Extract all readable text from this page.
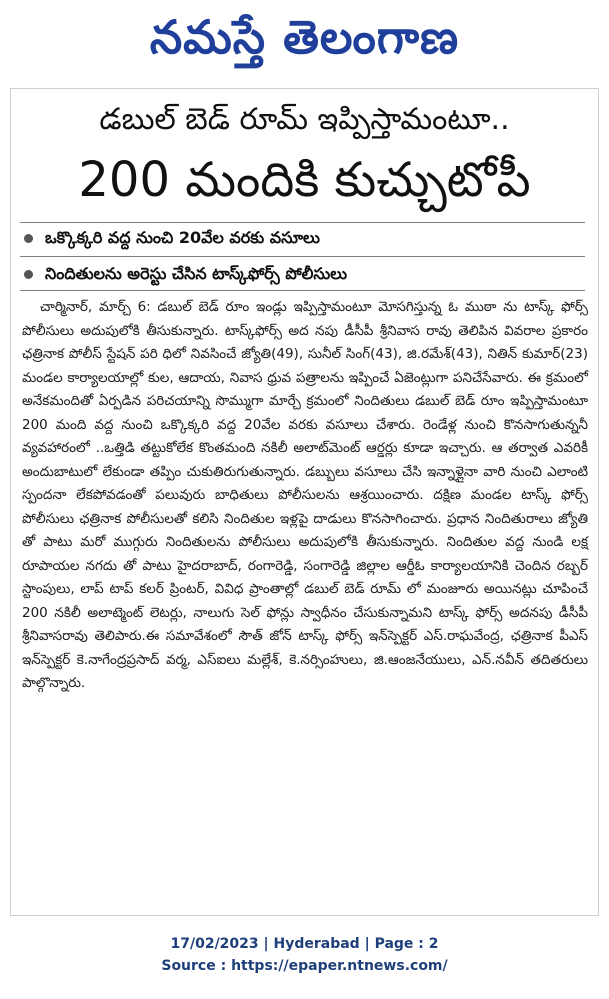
నమస్తే తెలంగాణ
డబుల్ బెడ్ రూమ్ ఇప్పిస్తామంటూ..
200 మందికి కుచ్చుటోపీ
ఒక్కొక్కరి వద్ద నుంచి 20వేల వరకు వసూలు
నిందితులను అరెస్టు చేసిన టాస్క్‌ఫోర్స్ పోలీసులు

చార్మినార్, మార్చ్ 6: డబుల్ బెడ్ రూం ఇండ్లు ఇప్పిస్తామంటూ మోసగిస్తున్న ఓ ముఠా ను టాస్క్ ఫోర్స్ పోలీసులు అదుపులోకి తీసుకున్నారు. టాస్క్‌ఫోర్స్ అద నపు డీసీపీ శ్రీనివాస రావు తెలిపిన వివరాల ప్రకారం ఛత్రినాక పోలీస్ స్టేషన్ పరి ధిలో నివసించే జ్యోతి(49), సునీల్ సింగ్(43), జి.రమేశ్(43), నితిన్ కుమార్(23) మండల కార్యాలయాల్లో కుల, ఆదాయ, నివాస ధ్రువ పత్రాలను ఇప్పించే ఏజెంట్లుగా పనిచేసేవారు. ఈ క్రమంలో అనేకమందితో ఏర్పడిన పరిచయాన్ని సొమ్ముగా మార్చే క్రమంలో నిందితులు డబుల్ బెడ్ రూం ఇప్పిస్తామంటూ 200 మంది వద్ద నుంచి ఒక్కొక్కరి వద్ద 20వేల వరకు వసూలు చేశారు. రెండేళ్ల నుంచి కొనసాగుతున్ననీ వ్యవహారంలో ..ఒత్తిడి తట్టుకోలేక కొంతమంది నకిలీ అలాట్‌మెంట్ ఆర్డర్లు కూడా ఇచ్చారు. ఆ తర్వాత ఎవరికీ అందుబాటులో లేకుండా తప్పిం చుకుతిరుగుతున్నారు. డబ్బులు వసూలు చేసి ఇన్నాళ్లైనా వారి నుంచి ఎలాంటి స్పందనా లేకపోవడంతో పలువురు బాధితులు పోలీసులను ఆశ్రయించారు. దక్షిణ మండల టాస్క్ ఫోర్స్ పోలీసులు ఛత్రినాక పోలీసులతో కలిసి నిందితుల ఇళ్లపై దాడులు కొనసాగించారు. ప్రధాన నిందితురాలు జ్యోతి తో పాటు మరో ముగ్గురు నిందితులను పోలీసులు అదుపులోకి తీసుకున్నారు. నిందితుల వద్ద నుండి లక్ష రూపాయల నగదు తో పాటు హైదరాబాద్, రంగారెడ్డి, సంగారెడ్డి జిల్లాల ఆర్డీఓ కార్యాలయానికి చెందిన రబ్బర్ స్టాంపులు, లాప్ టాప్ కలర్ ప్రింటర్, వివిధ ప్రాంతాల్లో డబుల్ బెడ్ రూమ్ లో మంజూరు అయినట్లు చూపించే 200 నకిలీ అలాట్మెంట్ లెటర్లు, నాలుగు సెల్ ఫోన్లు స్వాధీనం చేసుకున్నామని టాస్క్ ఫోర్స్ అదనపు డీసీపీ శ్రీనివాసరావు తెలిపారు.ఈ సమావేశంలో సౌత్ జోన్ టాస్క్ ఫోర్స్ ఇన్‌స్పెక్టర్ ఎస్.రాఘవేంద్ర, ఛత్రినాక పీఎస్ ఇన్‌స్పెక్టర్ కె.నాగేంద్రప్రసాద్ వర్మ, ఎస్ఐలు మల్లేశ్, కె.నర్సింహులు, జి.ఆంజనేయులు, ఎన్.నవీన్ తదితరులు పాల్గొన్నారు.

17/02/2023 | Hyderabad | Page : 2
Source : https://epaper.ntnews.com/
